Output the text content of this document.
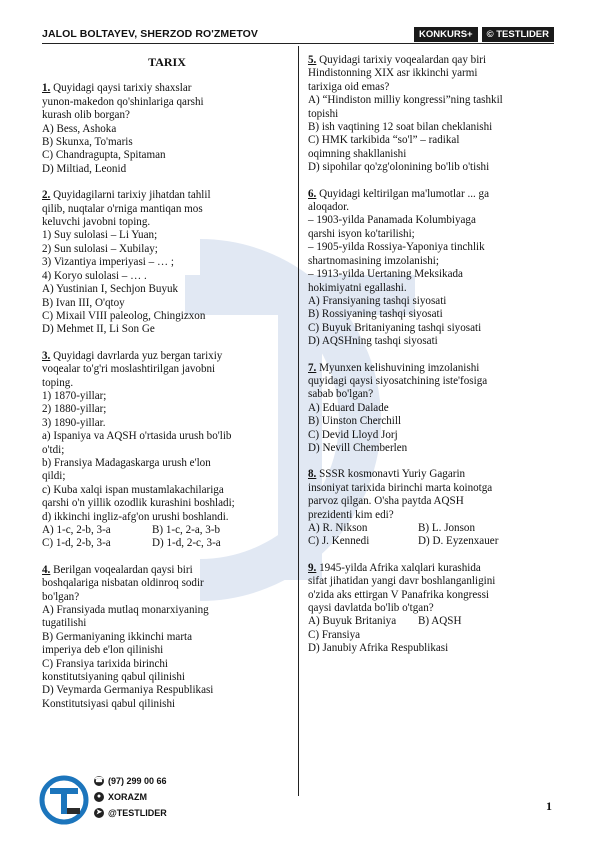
JALOL BOLTAYEV, SHERZOD RO'ZMETOV	KONKURS+	© TESTLIDER
TARIX
1. Quyidagi qaysi tarixiy shaxslar
yunon-makedon qo'shinlariga qarshi
kurash olib borgan?
A) Bess, Ashoka
B) Skunxa, To'maris
C) Chandragupta, Spitaman
D) Miltiad, Leonid
2. Quyidagilarni tarixiy jihatdan tahlil
qilib, nuqtalar o'rniga mantiqan mos
keluvchi javobni toping.
1) Suy sulolasi – Li Yuan;
2) Sun sulolasi – Xubilay;
3) Vizantiya imperiyasi – … ;
4) Koryo sulolasi – … .
A) Yustinian I, Sechjon Buyuk
B) Ivan III, O'qtoy
C) Mixail VIII paleolog, Chingizxon
D) Mehmet II, Li Son Ge
3. Quyidagi davrlarda yuz bergan tarixiy
voqealar to'g'ri moslashtirilgan javobni
toping.
1) 1870-yillar;
2) 1880-yillar;
3) 1890-yillar.
a) Ispaniya va AQSH o'rtasida urush bo'lib
o'tdi;
b) Fransiya Madagaskarga urush e'lon
qildi;
c) Kuba xalqi ispan mustamlakachilariga
qarshi o'n yillik ozodlik kurashini boshladi;
d) ikkinchi ingliz-afg'on urushi boshlandi.
A) 1-c, 2-b, 3-a	B) 1-c, 2-a, 3-b
C) 1-d, 2-b, 3-a	D) 1-d, 2-c, 3-a
4. Berilgan voqealardan qaysi biri
boshqalariga nisbatan oldinroq sodir
bo'lgan?
A) Fransiyada mutlaq monarxiyaning
tugatilishi
B) Germaniyaning ikkinchi marta
imperiya deb e'lon qilinishi
C) Fransiya tarixida birinchi
konstitutsiyaning qabul qilinishi
D) Veymarda Germaniya Respublikasi
Konstitutsiyasi qabul qilinishi
5. Quyidagi tarixiy voqealardan qay biri
Hindistonning XIX asr ikkinchi yarmi
tarixiga oid emas?
A) “Hindiston milliy kongressi”ning tashkil
topishi
B) ish vaqtining 12 soat bilan cheklanishi
C) HMK tarkibida “so'l” – radikal
oqimning shakllanishi
D) sipohilar qo'zg'olonining bo'lib o'tishi
6. Quyidagi keltirilgan ma'lumotlar ... ga
aloqador.
– 1903-yilda Panamada Kolumbiyaga
qarshi isyon ko'tarilishi;
– 1905-yilda Rossiya-Yaponiya tinchlik
shartnomasining imzolanishi;
– 1913-yilda Uertaning Meksikada
hokimiyatni egallashi.
A) Fransiyaning tashqi siyosati
B) Rossiyaning tashqi siyosati
C) Buyuk Britaniyaning tashqi siyosati
D) AQSHning tashqi siyosati
7. Myunxen kelishuvining imzolanishi
quyidagi qaysi siyosatchining iste'fosiga
sabab bo'lgan?
A) Eduard Dalade
B) Uinston Cherchill
C) Devid Lloyd Jorj
D) Nevill Chemberlen
8. SSSR kosmonavti Yuriy Gagarin
insoniyat tarixida birinchi marta koinotga
parvoz qilgan. O'sha paytda AQSH
prezidenti kim edi?
A) R. Nikson	B) L. Jonson
C) J. Kennedi	D) D. Eyzenxauer
9. 1945-yilda Afrika xalqlari kurashida
sifat jihatidan yangi davr boshlanganligini
o'zida aks ettirgan V Panafrika kongressi
qaysi davlatda bo'lib o'tgan?
A) Buyuk Britaniya	B) AQSH
C) Fransiya
D) Janubiy Afrika Respublikasi
☎ (97) 299 00 66
● XORAZM
➤ @TESTLIDER	1
